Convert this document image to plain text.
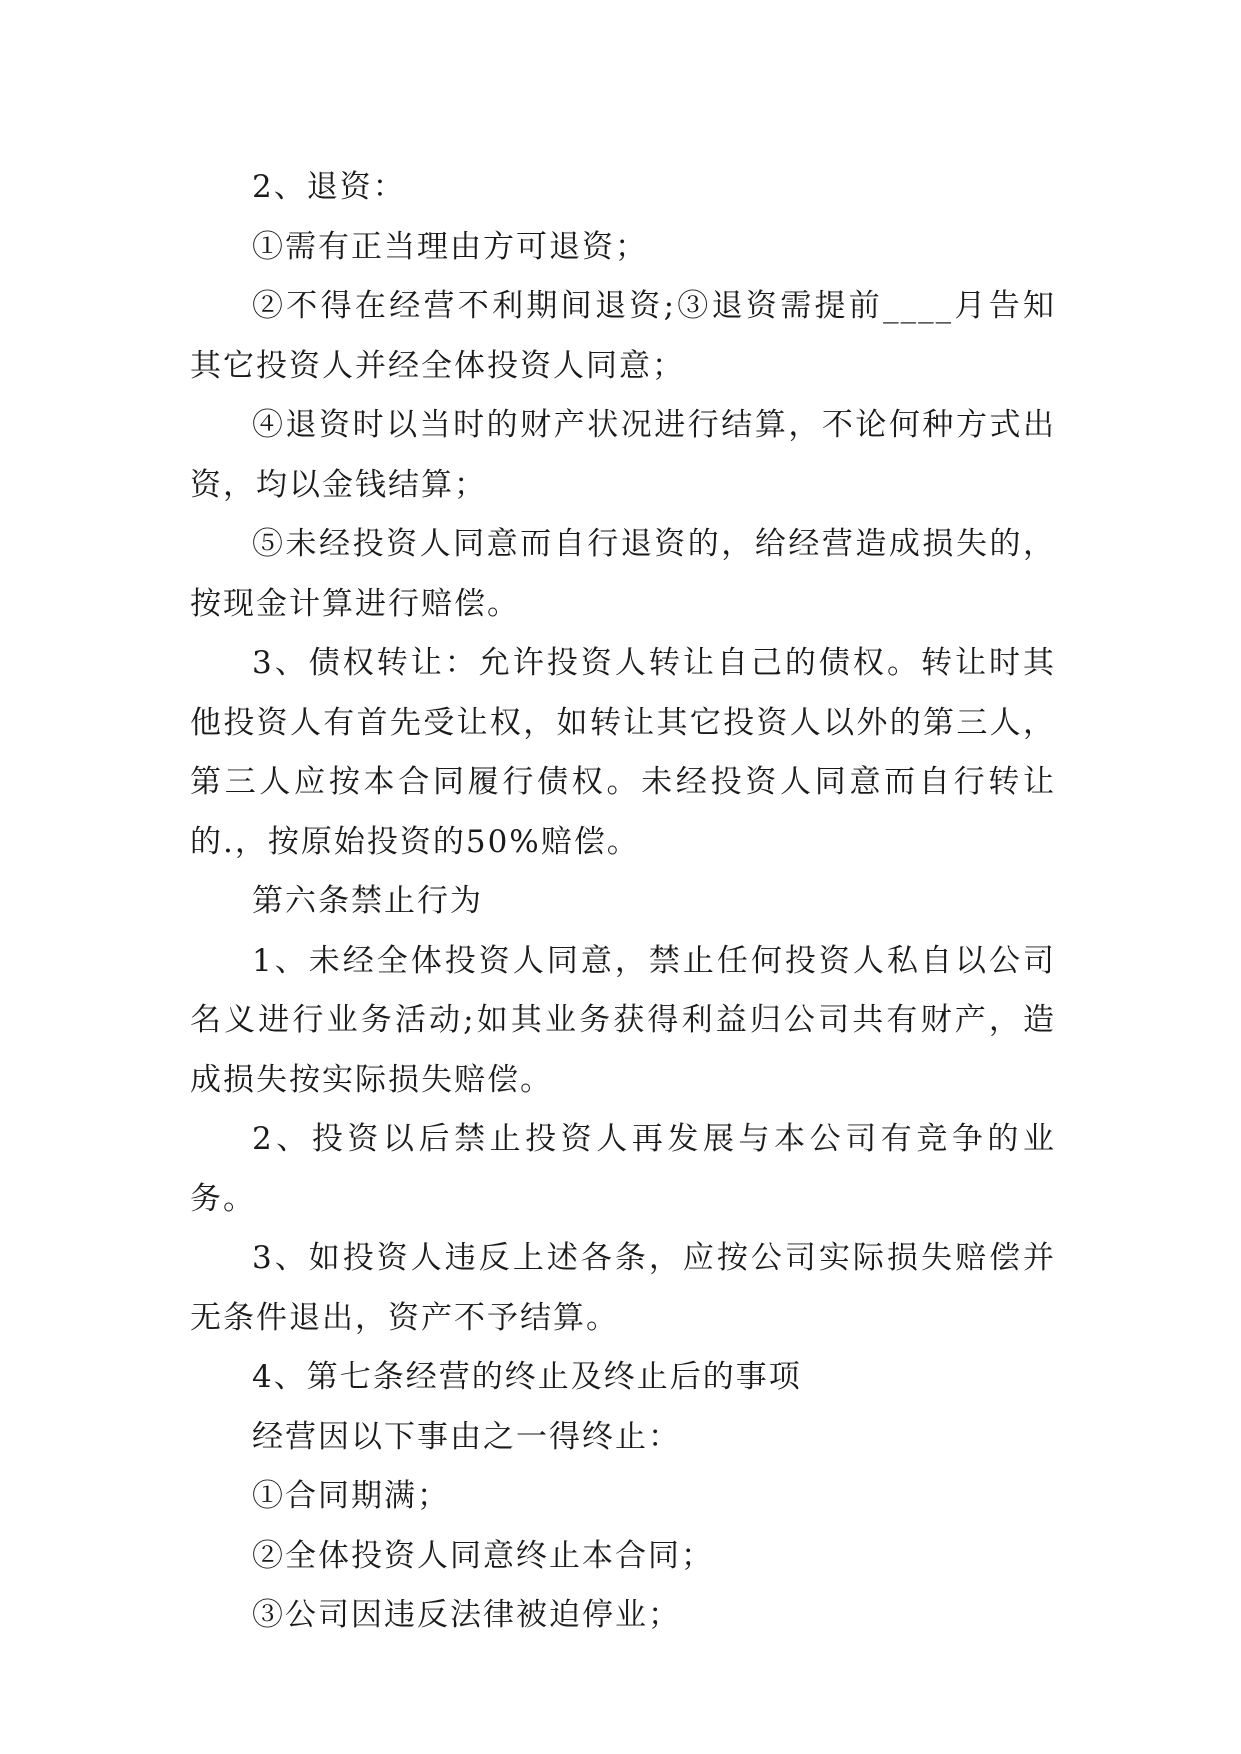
2、退资：

①需有正当理由方可退资；

②不得在经营不利期间退资;③退资需提前____月告知其它投资人并经全体投资人同意；

④退资时以当时的财产状况进行结算，不论何种方式出资，均以金钱结算；

⑤未经投资人同意而自行退资的，给经营造成损失的，按现金计算进行赔偿。

3、债权转让：允许投资人转让自己的债权。转让时其他投资人有首先受让权，如转让其它投资人以外的第三人，第三人应按本合同履行债权。未经投资人同意而自行转让的.，按原始投资的50%赔偿。

第六条禁止行为

1、未经全体投资人同意，禁止任何投资人私自以公司名义进行业务活动;如其业务获得利益归公司共有财产，造成损失按实际损失赔偿。

2、投资以后禁止投资人再发展与本公司有竞争的业务。

3、如投资人违反上述各条，应按公司实际损失赔偿并无条件退出，资产不予结算。

4、第七条经营的终止及终止后的事项

经营因以下事由之一得终止：

①合同期满；

②全体投资人同意终止本合同；

③公司因违反法律被迫停业；
